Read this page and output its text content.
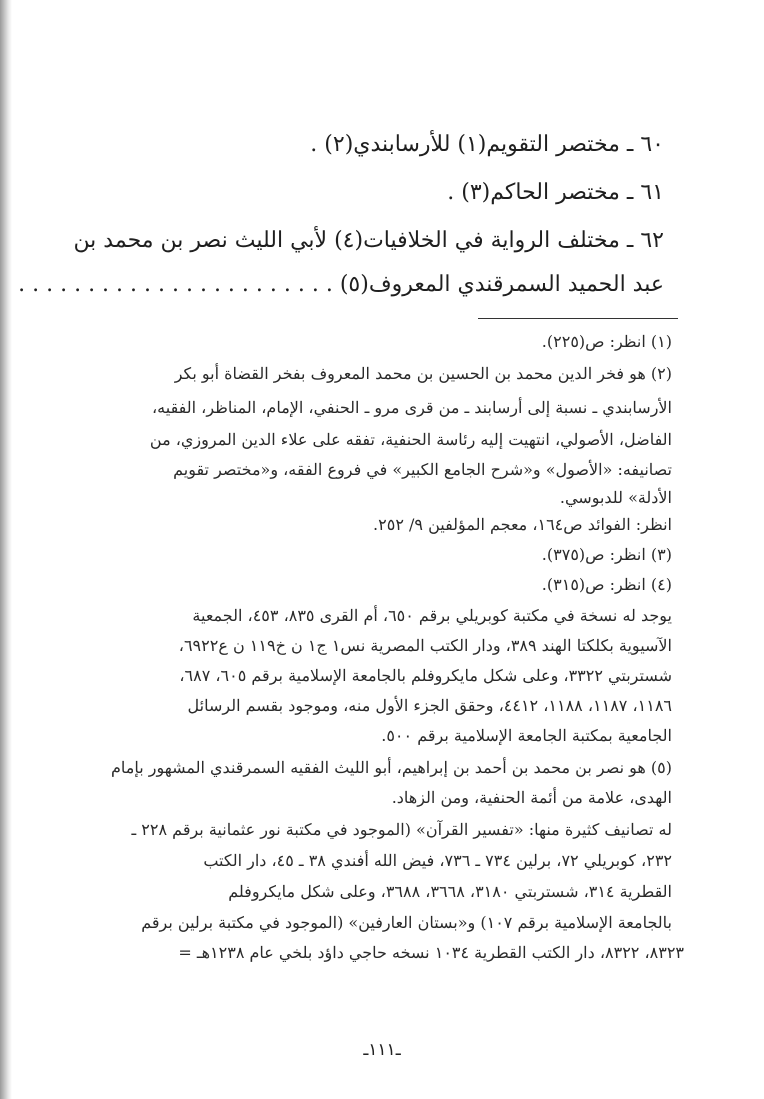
٦٠ ـ مختصر التقويم(١) للأرسابندي(٢) .
٦١ ـ مختصر الحاكم(٣) .
٦٢ ـ مختلف الرواية في الخلافيات(٤) لأبي الليث نصر بن محمد بن
عبد الحميد السمرقندي المعروف(٥) . . . . . . . . . . . . . . . . . . . . . . .
(١) انظر: ص(٢٢٥).
(٢) هو فخر الدين محمد بن الحسين بن محمد المعروف بفخر القضاة أبو بكر
الأرسابندي ـ نسبة إلى أرسابند ـ من قرى مرو ـ الحنفي، الإمام، المناظر، الفقيه،
الفاضل، الأصولي، انتهيت إليه رئاسة الحنفية، تفقه على علاء الدين المروزي، من
تصانيفه: «الأصول» و«شرح الجامع الكبير» في فروع الفقه، و«مختصر تقويم
الأدلة» للدبوسي.
انظر: الفوائد ص١٦٤، معجم المؤلفين ٩/ ٢٥٢.
(٣) انظر: ص(٣٧٥).
(٤) انظر: ص(٣١٥).
يوجد له نسخة في مكتبة كوبريلي برقم ٦٥٠، أم القرى ٨٣٥، ٤٥٣، الجمعية
الآسيوية بكلكتا الهند ٣٨٩، ودار الكتب المصرية نس١ ج١ ن خ١١٩ ن ع٦٩٢٢،
شستربتي ٣٣٢٢، وعلى شكل مايكروفلم بالجامعة الإسلامية برقم ٦٠٥، ٦٨٧،
١١٨٦، ١١٨٧، ١١٨٨، ٤٤١٢، وحقق الجزء الأول منه، وموجود بقسم الرسائل
الجامعية بمكتبة الجامعة الإسلامية برقم ٥٠٠.
(٥) هو نصر بن محمد بن أحمد بن إبراهيم، أبو الليث الفقيه السمرقندي المشهور بإمام
الهدى، علامة من أئمة الحنفية، ومن الزهاد.
له تصانيف كثيرة منها: «تفسير القرآن» (الموجود في مكتبة نور عثمانية برقم ٢٢٨ ـ
٢٣٢، كوبريلي ٧٢، برلين ٧٣٤ ـ ٧٣٦، فيض الله أفندي ٣٨ ـ ٤٥، دار الكتب
القطرية ٣١٤، شستربتي ٣١٨٠، ٣٦٦٨، ٣٦٨٨، وعلى شكل مايكروفلم
بالجامعة الإسلامية برقم ١٠٧) و«بستان العارفين» (الموجود في مكتبة برلين برقم
٨٣٢٣، ٨٣٢٢، دار الكتب القطرية ١٠٣٤ نسخه حاجي داؤد بلخي عام ١٢٣٨هـ =
ـ١١١ـ
